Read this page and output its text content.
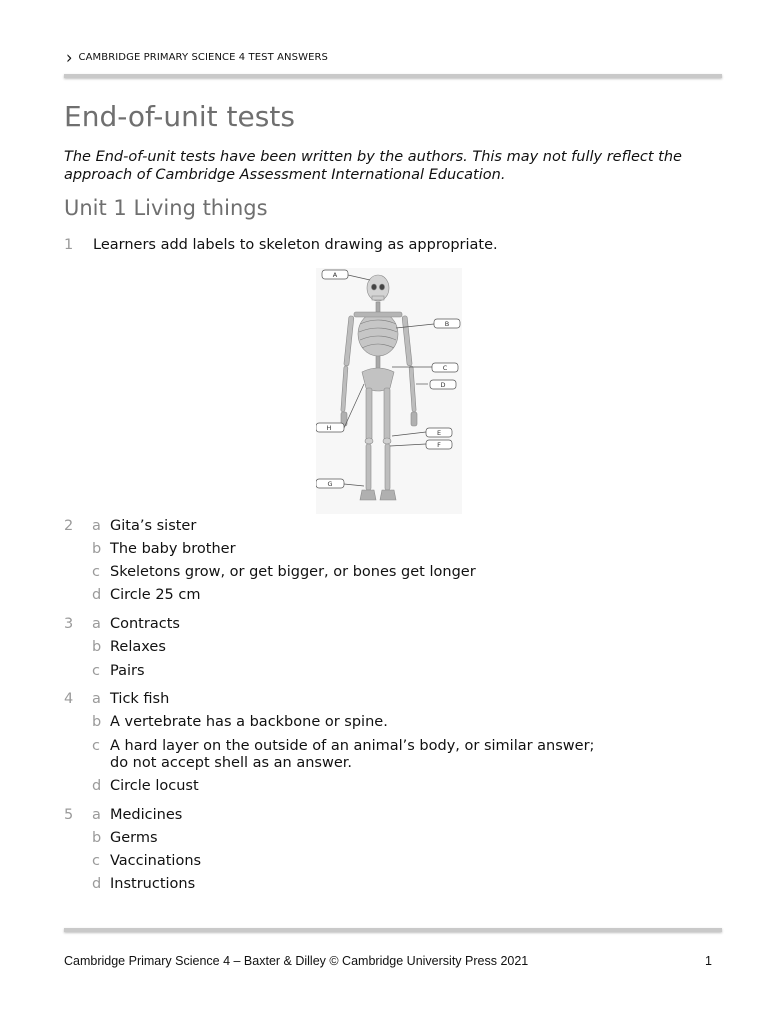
› CAMBRIDGE PRIMARY SCIENCE 4 TEST ANSWERS
End-of-unit tests

The End-of-unit tests have been written by the authors. This may not fully reflect the approach of Cambridge Assessment International Education.

Unit 1 Living things
1 Learners add labels to skeleton drawing as appropriate.
A
B
C
D
E
F
G
H
2 a Gita’s sister
b The baby brother
c Skeletons grow, or get bigger, or bones get longer
d Circle 25 cm
3 a Contracts
b Relaxes
c Pairs
4 a Tick fish
b A vertebrate has a backbone or spine.
c A hard layer on the outside of an animal’s body, or similar answer;
do not accept shell as an answer.
d Circle locust
5 a Medicines
b Germs
c Vaccinations
d Instructions
Cambridge Primary Science 4 – Baxter & Dilley © Cambridge University Press 2021	1
